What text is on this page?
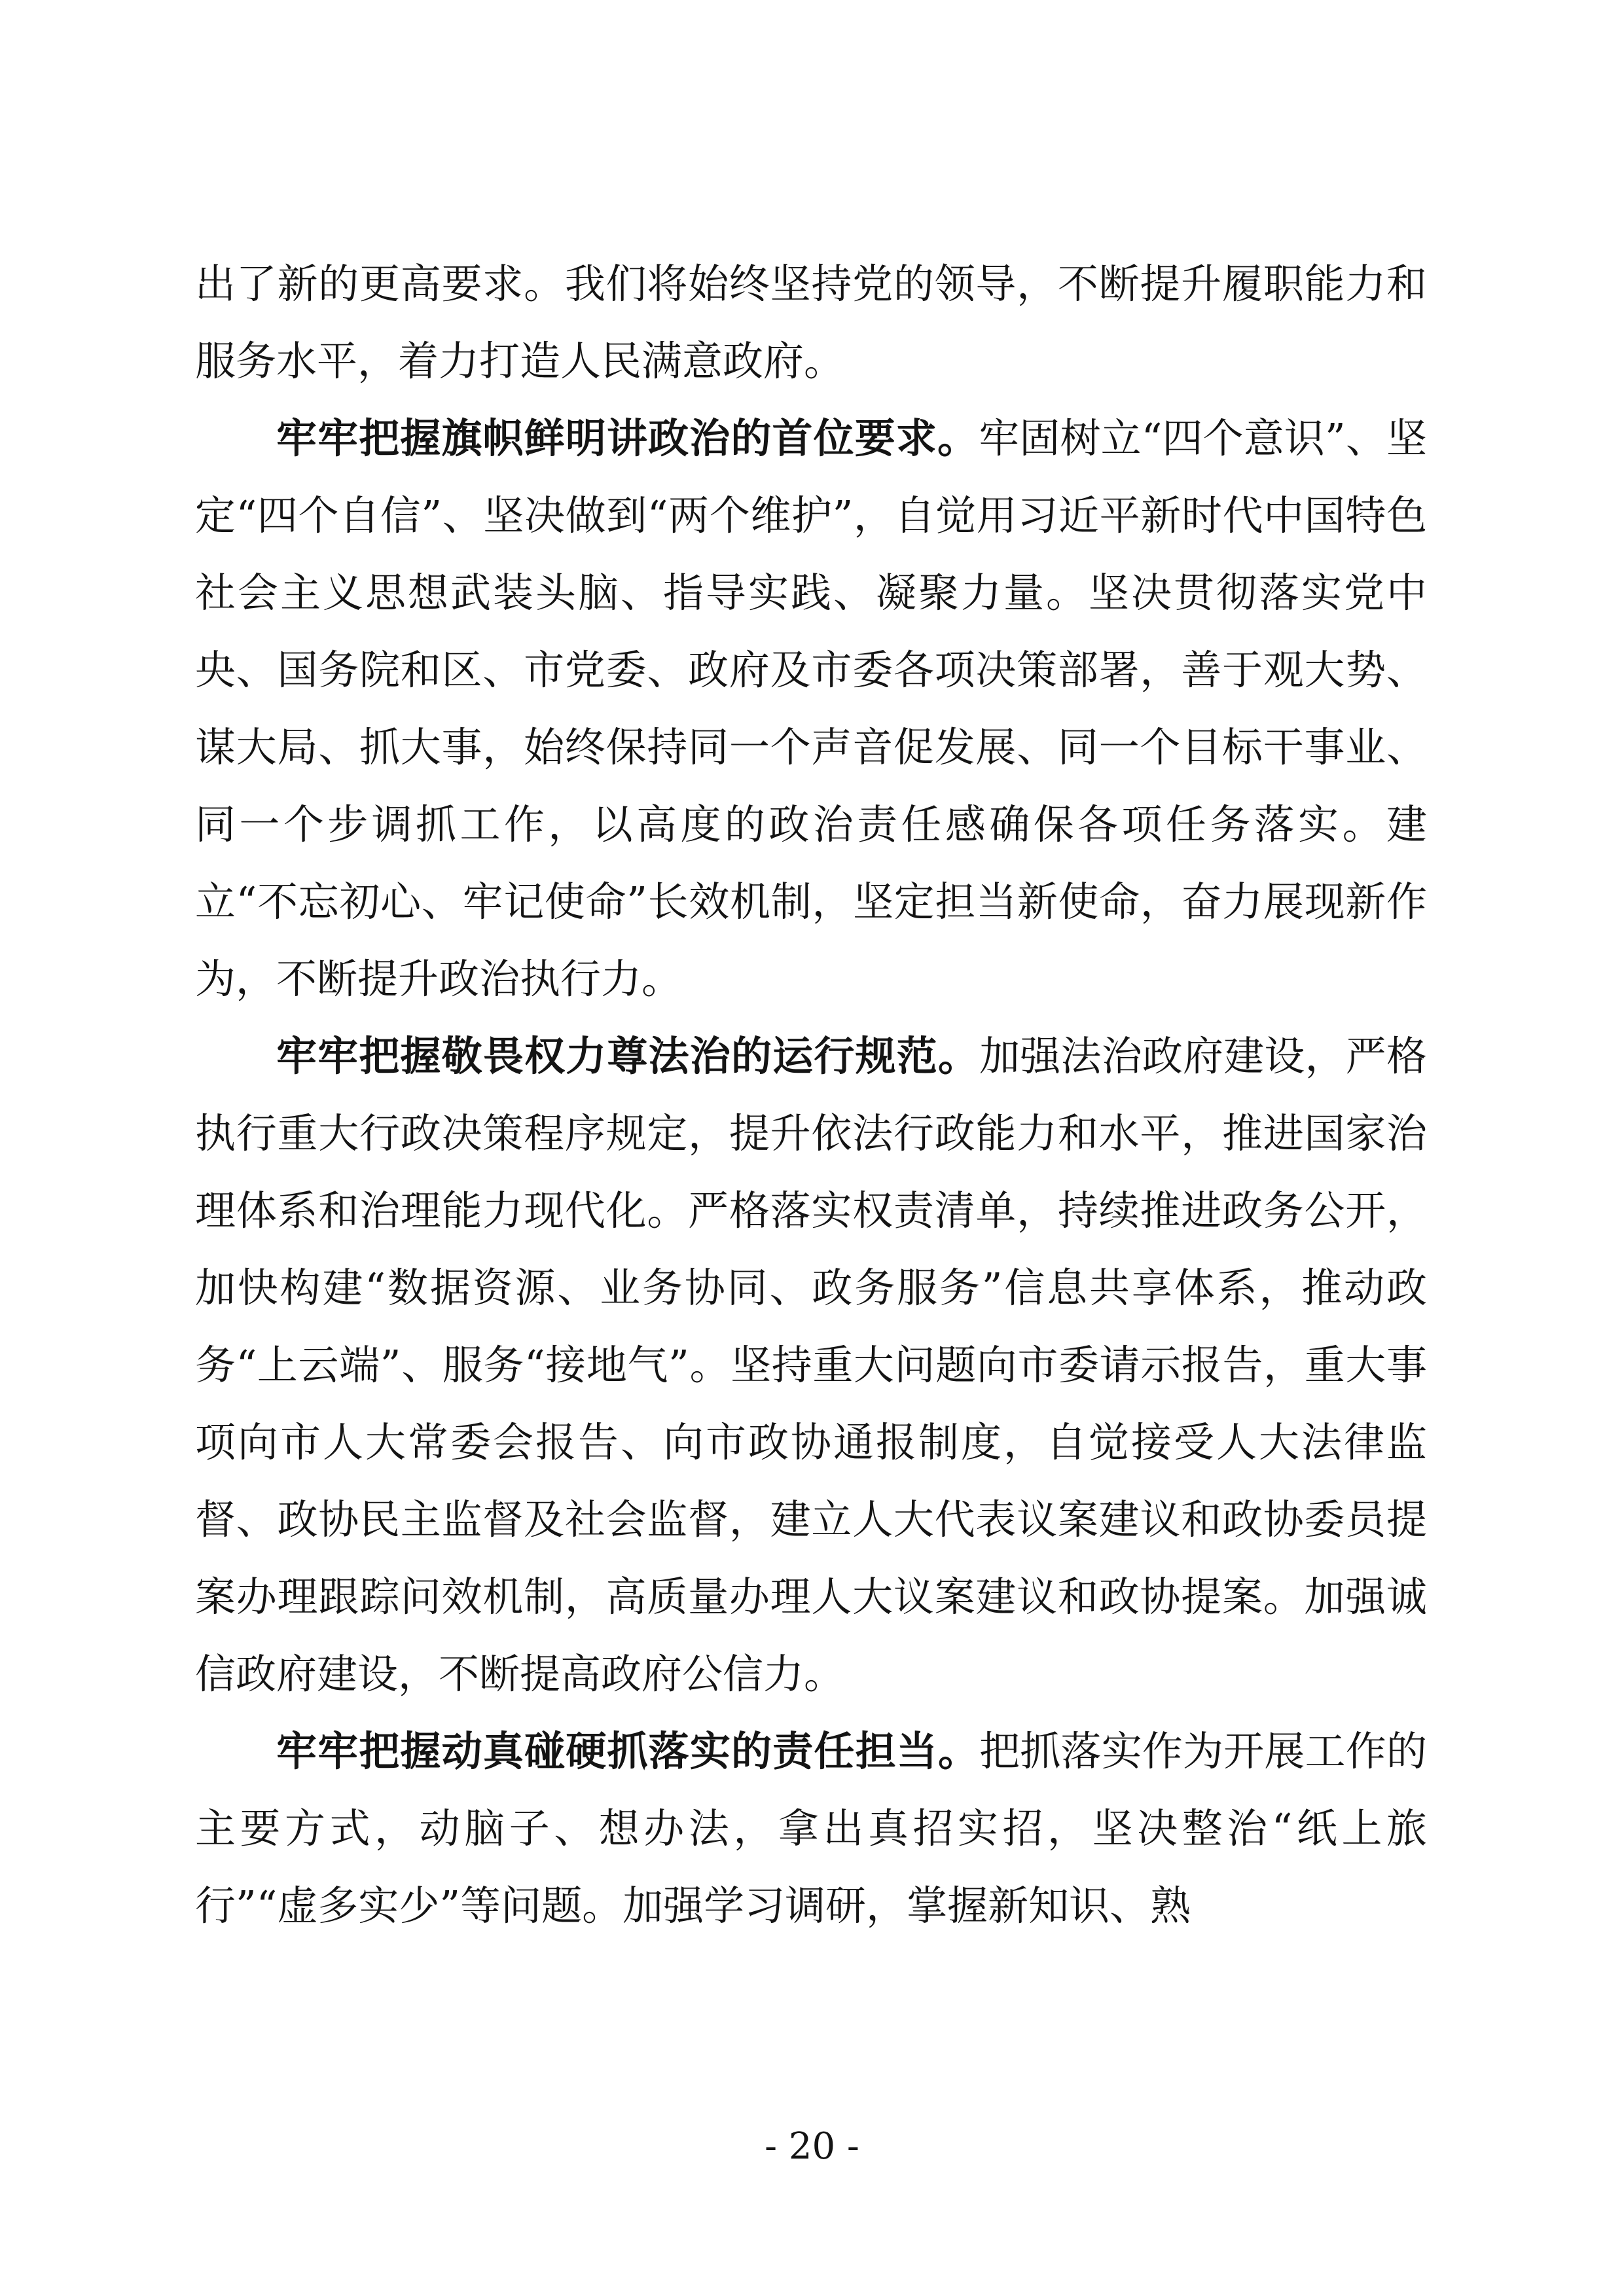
出了新的更高要求。我们将始终坚持党的领导，不断提升履职能力和服务水平，着力打造人民满意政府。

牢牢把握旗帜鲜明讲政治的首位要求。牢固树立“四个意识”、坚定“四个自信”、坚决做到“两个维护”，自觉用习近平新时代中国特色社会主义思想武装头脑、指导实践、凝聚力量。坚决贯彻落实党中央、国务院和区、市党委、政府及市委各项决策部署，善于观大势、谋大局、抓大事，始终保持同一个声音促发展、同一个目标干事业、同一个步调抓工作，以高度的政治责任感确保各项任务落实。建立“不忘初心、牢记使命”长效机制，坚定担当新使命，奋力展现新作为，不断提升政治执行力。

牢牢把握敬畏权力尊法治的运行规范。加强法治政府建设，严格执行重大行政决策程序规定，提升依法行政能力和水平，推进国家治理体系和治理能力现代化。严格落实权责清单，持续推进政务公开，加快构建“数据资源、业务协同、政务服务”信息共享体系，推动政务“上云端”、服务“接地气”。坚持重大问题向市委请示报告，重大事项向市人大常委会报告、向市政协通报制度，自觉接受人大法律监督、政协民主监督及社会监督，建立人大代表议案建议和政协委员提案办理跟踪问效机制，高质量办理人大议案建议和政协提案。加强诚信政府建设，不断提高政府公信力。

牢牢把握动真碰硬抓落实的责任担当。把抓落实作为开展工作的主要方式，动脑子、想办法，拿出真招实招，坚决整治“纸上旅行”“虚多实少”等问题。加强学习调研，掌握新知识、熟

- 20 -
